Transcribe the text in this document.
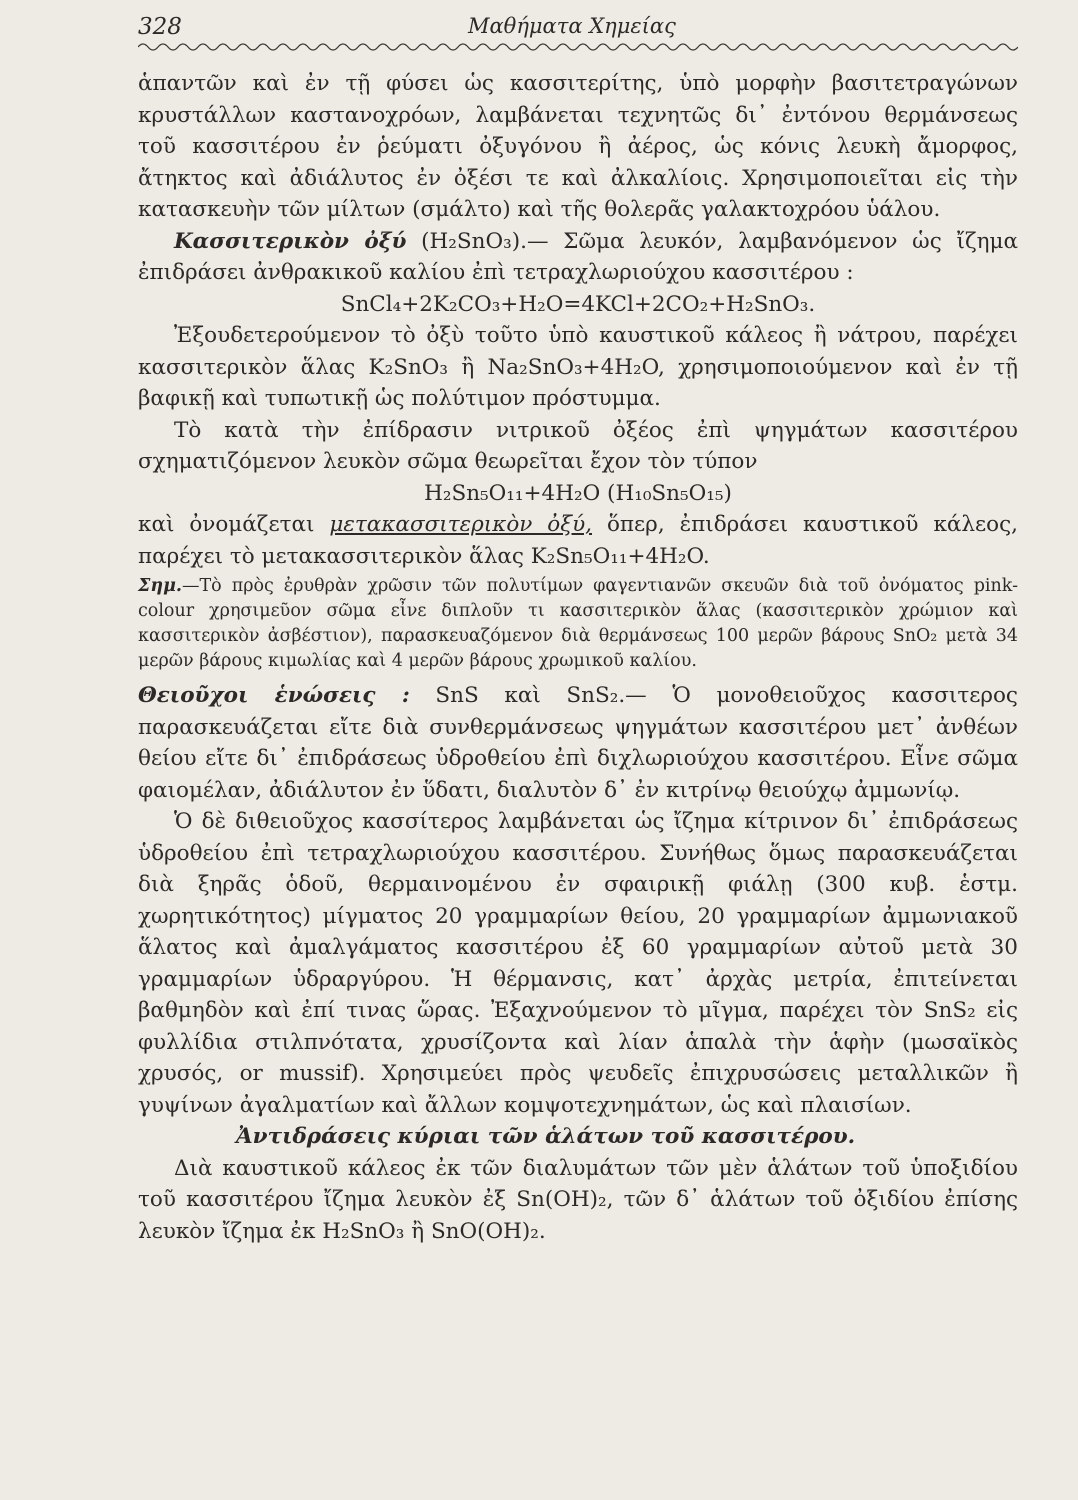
328	Μαθήματα Χημείας

ἁπαντῶν καὶ ἐν τῇ φύσει ὡς κασσιτερίτης, ὑπὸ μορφὴν βασιτετραγώνων κρυστάλλων καστανοχρόων, λαμβάνεται τεχνητῶς δι᾽ ἐντόνου θερμάνσεως τοῦ κασσιτέρου ἐν ῥεύματι ὀξυγόνου ἢ ἀέρος, ὡς κόνις λευκὴ ἄμορφος, ἄτηκτος καὶ ἀδιάλυτος ἐν ὀξέσι τε καὶ ἀλκαλίοις. Χρησιμοποιεῖται εἰς τὴν κατασκευὴν τῶν μίλτων (σμάλτο) καὶ τῆς θολερᾶς γαλακτοχρόου ὑάλου.

Κασσιτερικὸν ὀξύ (H₂SnO₃).— Σῶμα λευκόν, λαμβανόμενον ὡς ἴζημα ἐπιδράσει ἀνθρακικοῦ καλίου ἐπὶ τετραχλωριούχου κασσιτέρου :

SnCl₄+2K₂CO₃+H₂O=4KCl+2CO₂+H₂SnO₃.

Ἐξουδετερούμενον τὸ ὀξὺ τοῦτο ὑπὸ καυστικοῦ κάλεος ἢ νάτρου, παρέχει κασσιτερικὸν ἅλας K₂SnO₃ ἢ Na₂SnO₃+4H₂O, χρησιμοποιούμενον καὶ ἐν τῇ βαφικῇ καὶ τυπωτικῇ ὡς πολύτιμον πρόστυμμα.

Τὸ κατὰ τὴν ἐπίδρασιν νιτρικοῦ ὀξέος ἐπὶ ψηγμάτων κασσιτέρου σχηματιζόμενον λευκὸν σῶμα θεωρεῖται ἔχον τὸν τύπον

H₂Sn₅O₁₁+4H₂O (H₁₀Sn₅O₁₅)

καὶ ὀνομάζεται μετακασσιτερικὸν ὀξύ, ὅπερ, ἐπιδράσει καυστικοῦ κάλεος, παρέχει τὸ μετακασσιτερικὸν ἅλας K₂Sn₅O₁₁+4H₂O.

Σημ.—Τὸ πρὸς ἐρυθρὰν χρῶσιν τῶν πολυτίμων φαγεντιανῶν σκευῶν διὰ τοῦ ὀνόματος pink-colour χρησιμεῦον σῶμα εἶνε διπλοῦν τι κασσιτερικὸν ἅλας (κασσιτερικὸν χρώμιον καὶ κασσιτερικὸν ἀσβέστιον), παρασκευαζόμενον διὰ θερμάνσεως 100 μερῶν βάρους SnO₂ μετὰ 34 μερῶν βάρους κιμωλίας καὶ 4 μερῶν βάρους χρωμικοῦ καλίου.

Θειοῦχοι ἑνώσεις : SnS καὶ SnS₂.— Ὁ μονοθειοῦχος κασσιτερος παρασκευάζεται εἴτε διὰ συνθερμάνσεως ψηγμάτων κασσιτέρου μετ᾽ ἀνθέων θείου εἴτε δι᾽ ἐπιδράσεως ὑδροθείου ἐπὶ διχλωριούχου κασσιτέρου. Εἶνε σῶμα φαιομέλαν, ἀδιάλυτον ἐν ὕδατι, διαλυτὸν δ᾽ ἐν κιτρίνῳ θειούχῳ ἀμμωνίῳ.

Ὁ δὲ διθειοῦχος κασσίτερος λαμβάνεται ὡς ἴζημα κίτρινον δι᾽ ἐπιδράσεως ὑδροθείου ἐπὶ τετραχλωριούχου κασσιτέρου. Συνήθως ὅμως παρασκευάζεται διὰ ξηρᾶς ὁδοῦ, θερμαινομένου ἐν σφαιρικῇ φιάλῃ (300 κυβ. ἑστμ. χωρητικότητος) μίγματος 20 γραμμαρίων θείου, 20 γραμμαρίων ἀμμωνιακοῦ ἅλατος καὶ ἀμαλγάματος κασσιτέρου ἐξ 60 γραμμαρίων αὐτοῦ μετὰ 30 γραμμαρίων ὑδραργύρου. Ἡ θέρμανσις, κατ᾽ ἀρχὰς μετρία, ἐπιτείνεται βαθμηδὸν καὶ ἐπί τινας ὥρας. Ἐξαχνούμενον τὸ μῖγμα, παρέχει τὸν SnS₂ εἰς φυλλίδια στιλπνότατα, χρυσίζοντα καὶ λίαν ἁπαλὰ τὴν ἁφὴν (μωσαϊκὸς χρυσός, or mussif). Χρησιμεύει πρὸς ψευδεῖς ἐπιχρυσώσεις μεταλλικῶν ἢ γυψίνων ἀγαλματίων καὶ ἄλλων κομψοτεχνημάτων, ὡς καὶ πλαισίων.

Ἀντιδράσεις κύριαι τῶν ἁλάτων τοῦ κασσιτέρου.

Διὰ καυστικοῦ κάλεος ἐκ τῶν διαλυμάτων τῶν μὲν ἁλάτων τοῦ ὑποξιδίου τοῦ κασσιτέρου ἴζημα λευκὸν ἐξ Sn(OH)₂, τῶν δ᾽ ἁλάτων τοῦ ὀξιδίου ἐπίσης λευκὸν ἴζημα ἐκ H₂SnO₃ ἢ SnO(OH)₂.
